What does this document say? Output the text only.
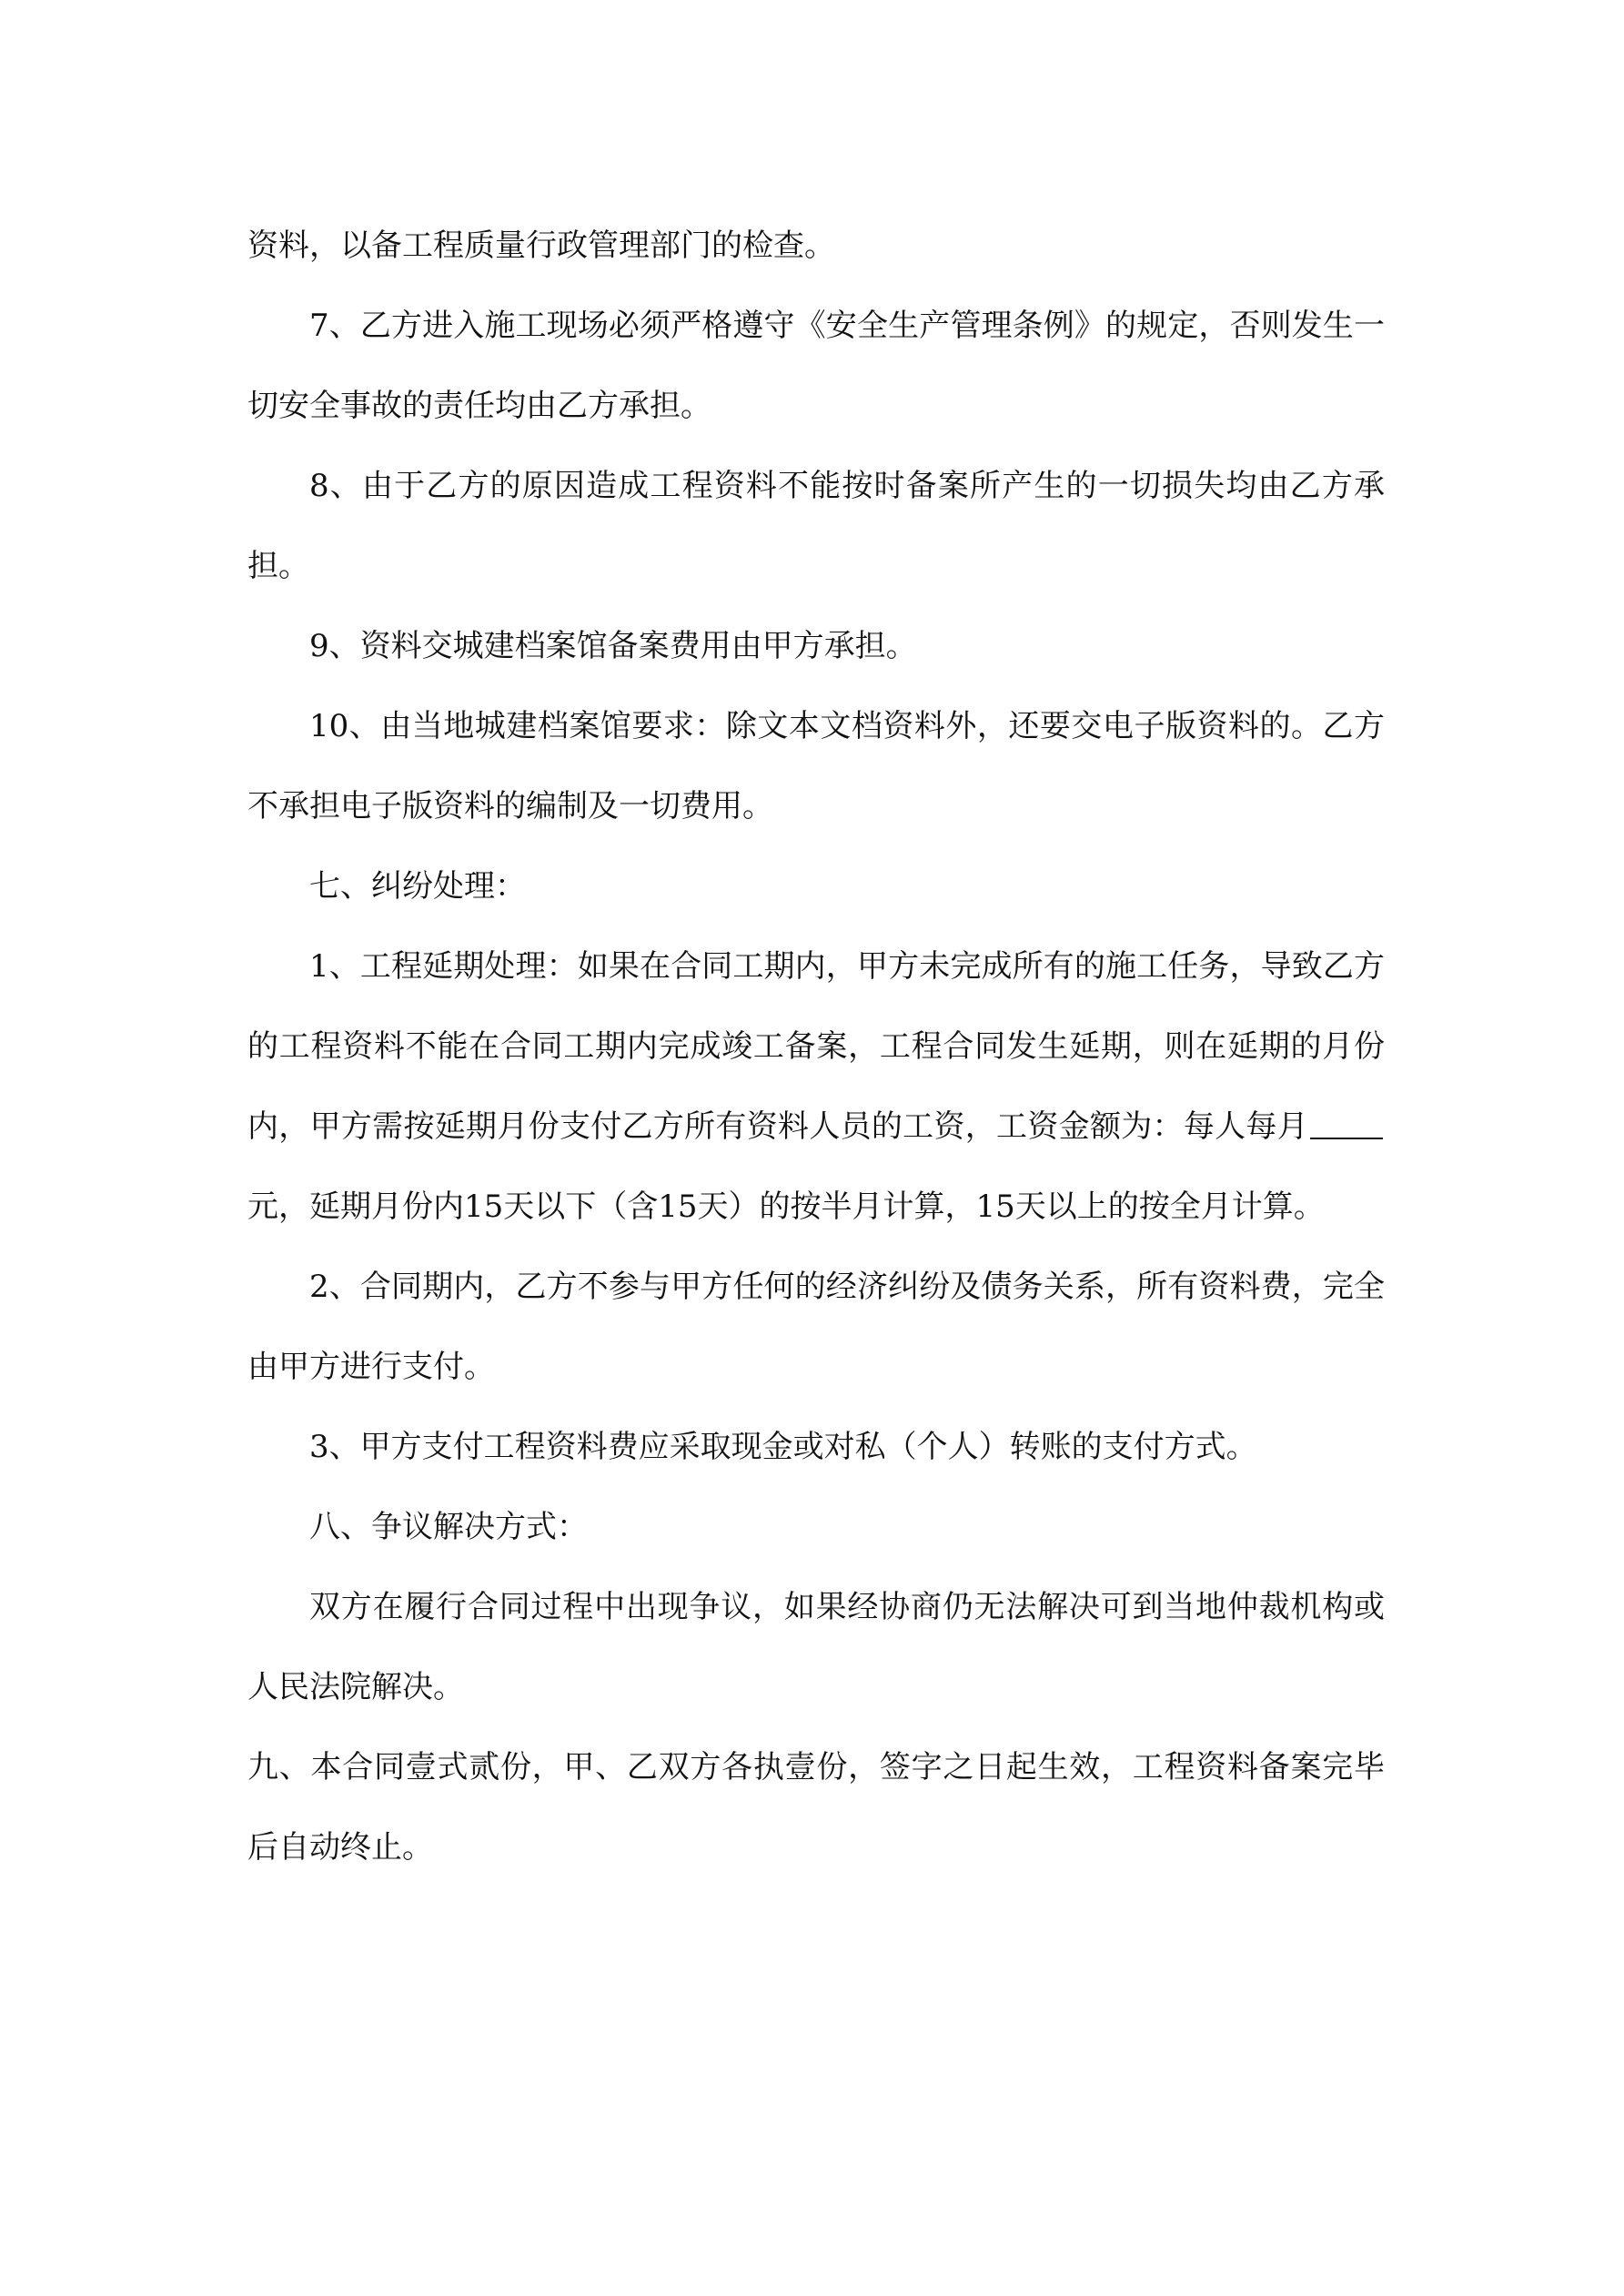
资料，以备工程质量行政管理部门的检查。

7、乙方进入施工现场必须严格遵守《安全生产管理条例》的规定，否则发生一切安全事故的责任均由乙方承担。

8、由于乙方的原因造成工程资料不能按时备案所产生的一切损失均由乙方承担。

9、资料交城建档案馆备案费用由甲方承担。

10、由当地城建档案馆要求：除文本文档资料外，还要交电子版资料的。乙方不承担电子版资料的编制及一切费用。

七、纠纷处理：

1、工程延期处理：如果在合同工期内，甲方未完成所有的施工任务，导致乙方的工程资料不能在合同工期内完成竣工备案，工程合同发生延期，则在延期的月份内，甲方需按延期月份支付乙方所有资料人员的工资，工资金额为：每人每月元，延期月份内15天以下（含15天）的按半月计算，15天以上的按全月计算。

2、合同期内，乙方不参与甲方任何的经济纠纷及债务关系，所有资料费，完全由甲方进行支付。

3、甲方支付工程资料费应采取现金或对私（个人）转账的支付方式。

八、争议解决方式：

双方在履行合同过程中出现争议，如果经协商仍无法解决可到当地仲裁机构或人民法院解决。

九、本合同壹式贰份，甲、乙双方各执壹份，签字之日起生效，工程资料备案完毕后自动终止。
